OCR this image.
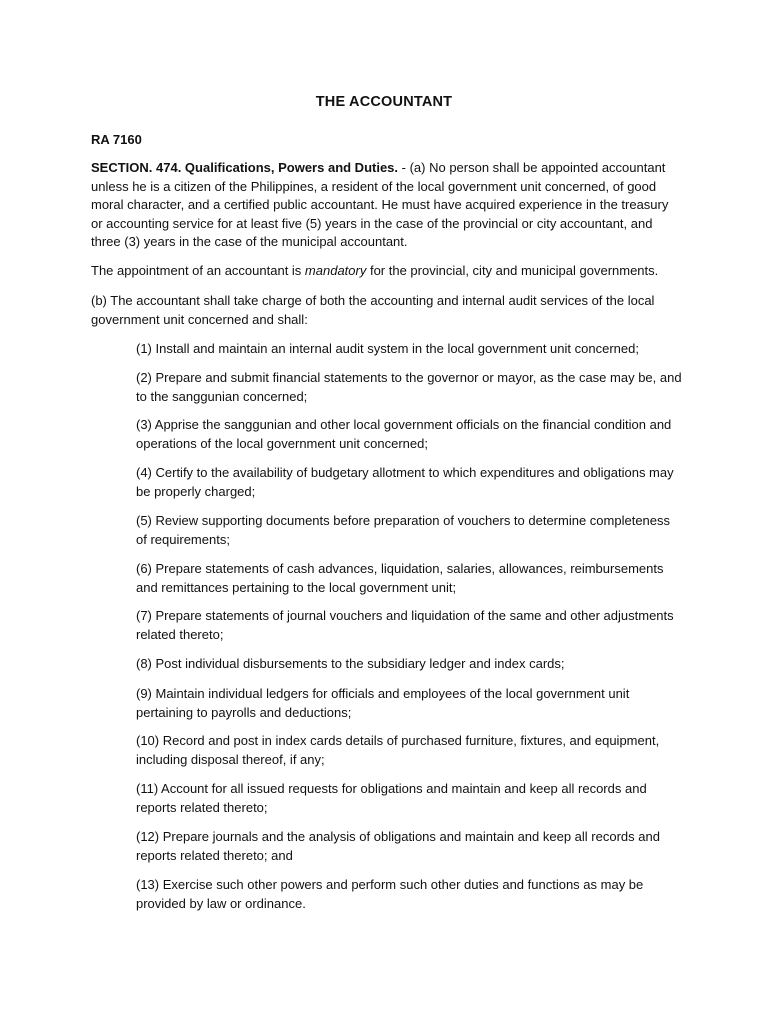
THE ACCOUNTANT

RA 7160

SECTION. 474. Qualifications, Powers and Duties. - (a) No person shall be appointed accountant unless he is a citizen of the Philippines, a resident of the local government unit concerned, of good moral character, and a certified public accountant. He must have acquired experience in the treasury or accounting service for at least five (5) years in the case of the provincial or city accountant, and three (3) years in the case of the municipal accountant.

The appointment of an accountant is mandatory for the provincial, city and municipal governments.

(b) The accountant shall take charge of both the accounting and internal audit services of the local government unit concerned and shall:

(1) Install and maintain an internal audit system in the local government unit concerned;

(2) Prepare and submit financial statements to the governor or mayor, as the case may be, and to the sanggunian concerned;

(3) Apprise the sanggunian and other local government officials on the financial condition and operations of the local government unit concerned;

(4) Certify to the availability of budgetary allotment to which expenditures and obligations may be properly charged;

(5) Review supporting documents before preparation of vouchers to determine completeness of requirements;

(6) Prepare statements of cash advances, liquidation, salaries, allowances, reimbursements and remittances pertaining to the local government unit;

(7) Prepare statements of journal vouchers and liquidation of the same and other adjustments related thereto;

(8) Post individual disbursements to the subsidiary ledger and index cards;

(9) Maintain individual ledgers for officials and employees of the local government unit pertaining to payrolls and deductions;

(10) Record and post in index cards details of purchased furniture, fixtures, and equipment, including disposal thereof, if any;

(11) Account for all issued requests for obligations and maintain and keep all records and reports related thereto;

(12) Prepare journals and the analysis of obligations and maintain and keep all records and reports related thereto; and

(13) Exercise such other powers and perform such other duties and functions as may be provided by law or ordinance.
